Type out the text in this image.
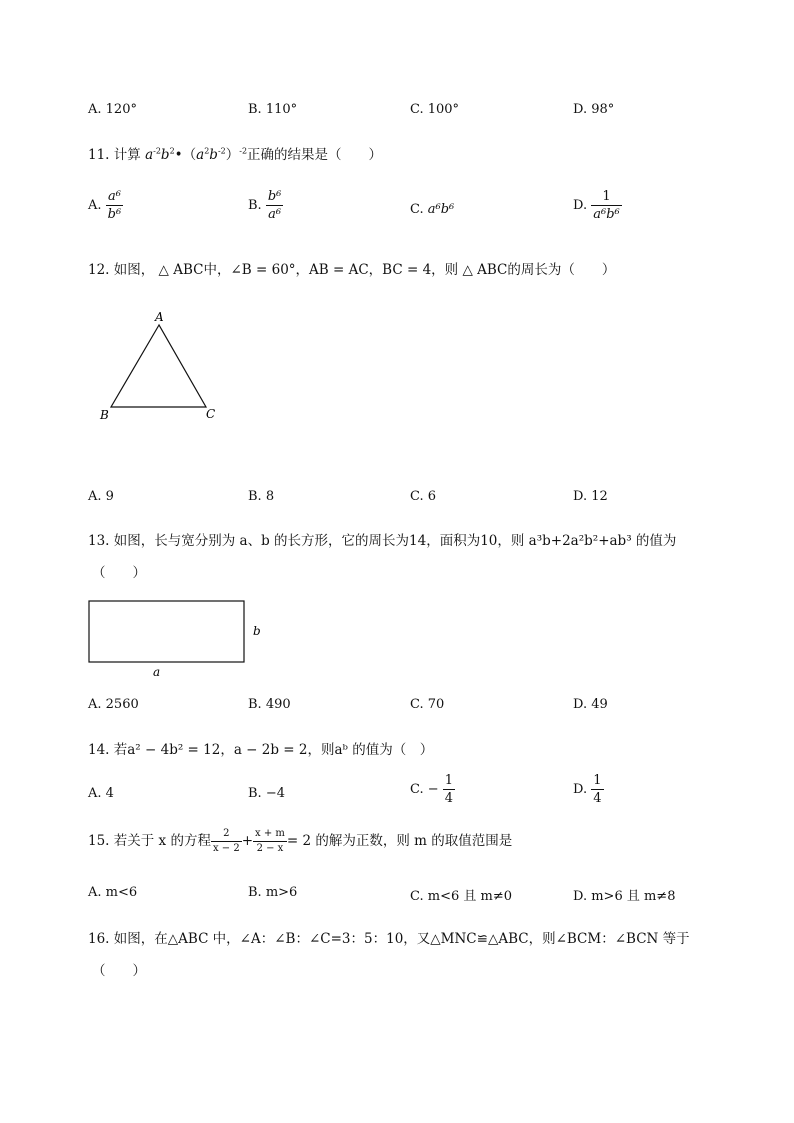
A. 120°	B. 110°	C. 100°	D. 98°
11. 计算 $a^{-2}b^2•(a^2b^{-2})^{-2}$正确的结果是（　　）
A. $\frac{\text{a⁶}}{\text{b⁶}}$	B. $\frac{\text{b⁶}}{\text{a⁶}}$	C. a⁶b⁶	D. $\frac{1}{\text{a⁶b⁶}}$
12. 如图， △ ABC中，∠B = 60°，AB = AC，BC = 4，则 △ ABC的周长为（　　）
A
B	C
A. 9	B. 8	C. 6	D. 12
13. 如图，长与宽分别为 a、b 的长方形，它的周长为14，面积为10，则 a³b+2a²b²+ab³ 的值为
（　　）
b
a
A. 2560	B. 490	C. 70	D. 49
14. 若a² − 4b² = 12，a − 2b = 2，则aᵇ 的值为（　）
A. 4	B. −4	C. − $\frac{1}{4}$	D. $\frac{1}{4}$
15. 若关于 x 的方程 $\frac{2}{x - 2} + \frac{x + m}{2 - x} = 2$ 的解为正数，则 m 的取值范围是
A. m<6	B. m>6	C. m<6 且 m≠0	D. m>6 且 m≠8
16. 如图，在△ABC 中，∠A：∠B：∠C=3：5：10，又△MNC≌△ABC，则∠BCM：∠BCN 等于
（　　）
